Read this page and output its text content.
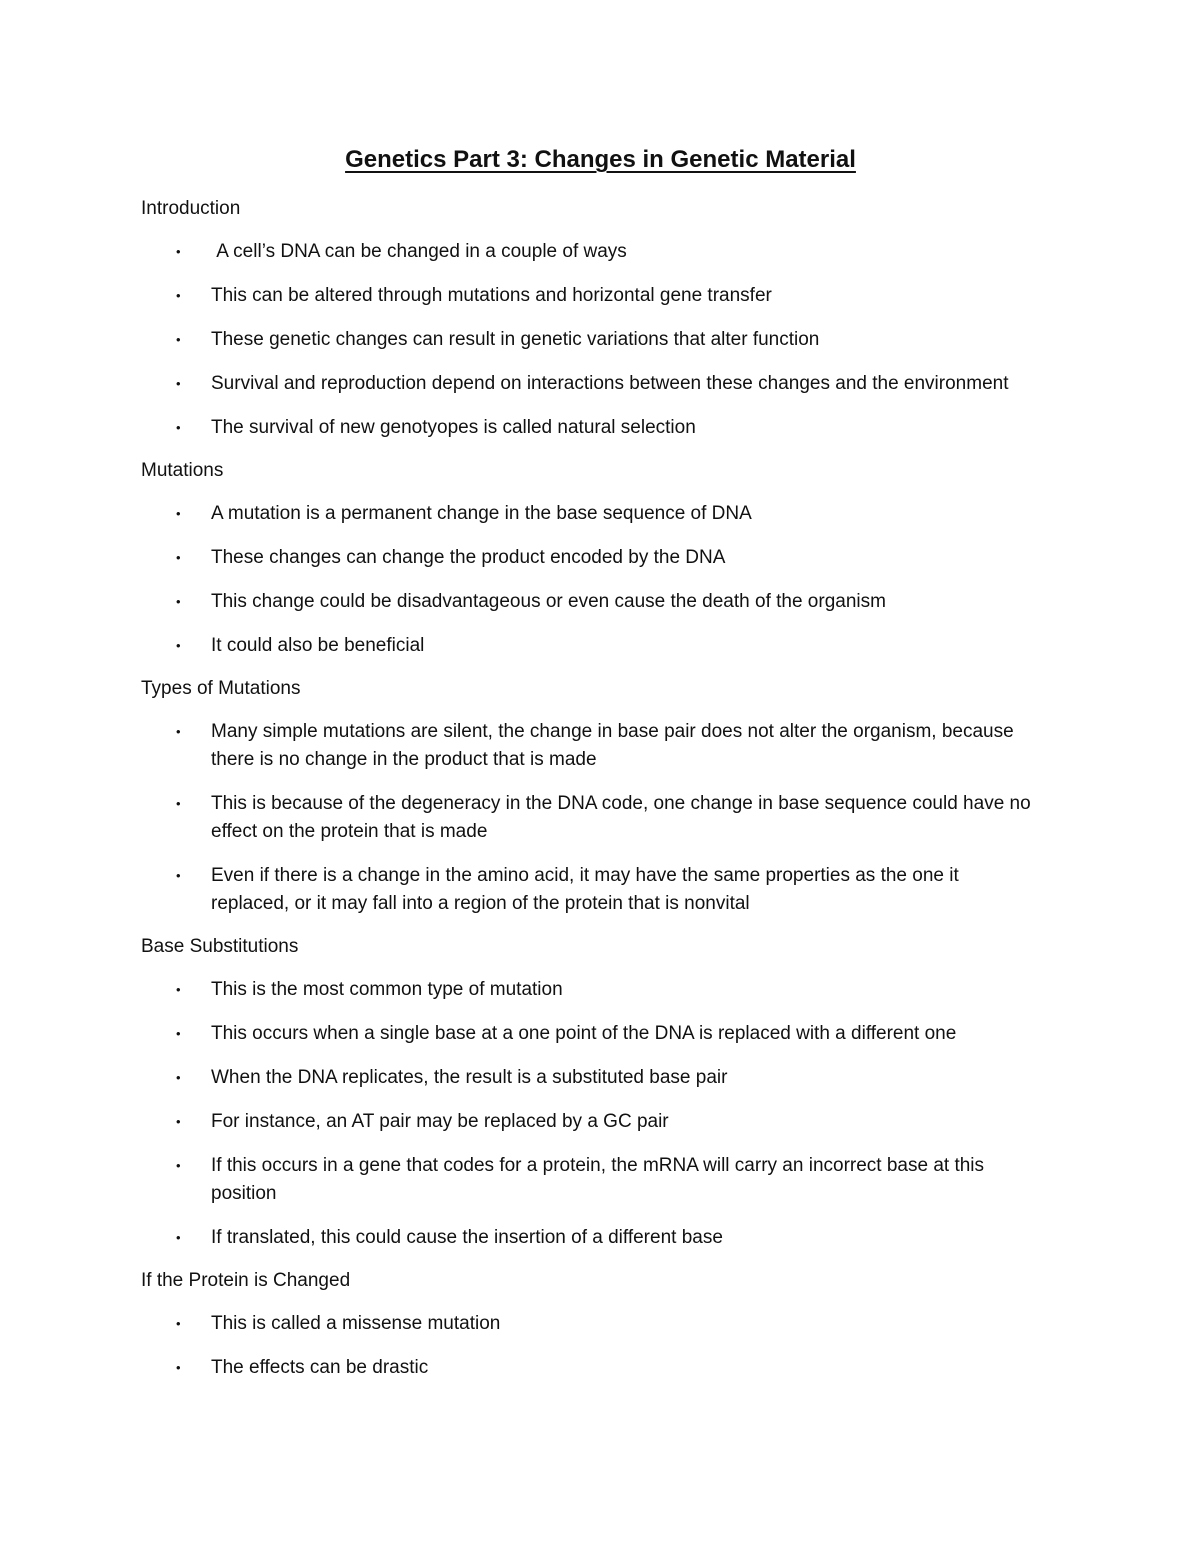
Genetics Part 3: Changes in Genetic Material
Introduction
• A cell’s DNA can be changed in a couple of ways
• This can be altered through mutations and horizontal gene transfer
• These genetic changes can result in genetic variations that alter function
• Survival and reproduction depend on interactions between these changes and the environment
• The survival of new genotyopes is called natural selection
Mutations
• A mutation is a permanent change in the base sequence of DNA
• These changes can change the product encoded by the DNA
• This change could be disadvantageous or even cause the death of the organism
• It could also be beneficial
Types of Mutations
• Many simple mutations are silent, the change in base pair does not alter the organism, because there is no change in the product that is made
• This is because of the degeneracy in the DNA code, one change in base sequence could have no effect on the protein that is made
• Even if there is a change in the amino acid, it may have the same properties as the one it replaced, or it may fall into a region of the protein that is nonvital
Base Substitutions
• This is the most common type of mutation
• This occurs when a single base at a one point of the DNA is replaced with a different one
• When the DNA replicates, the result is a substituted base pair
• For instance, an AT pair may be replaced by a GC pair
• If this occurs in a gene that codes for a protein, the mRNA will carry an incorrect base at this position
• If translated, this could cause the insertion of a different base
If the Protein is Changed
• This is called a missense mutation
• The effects can be drastic
